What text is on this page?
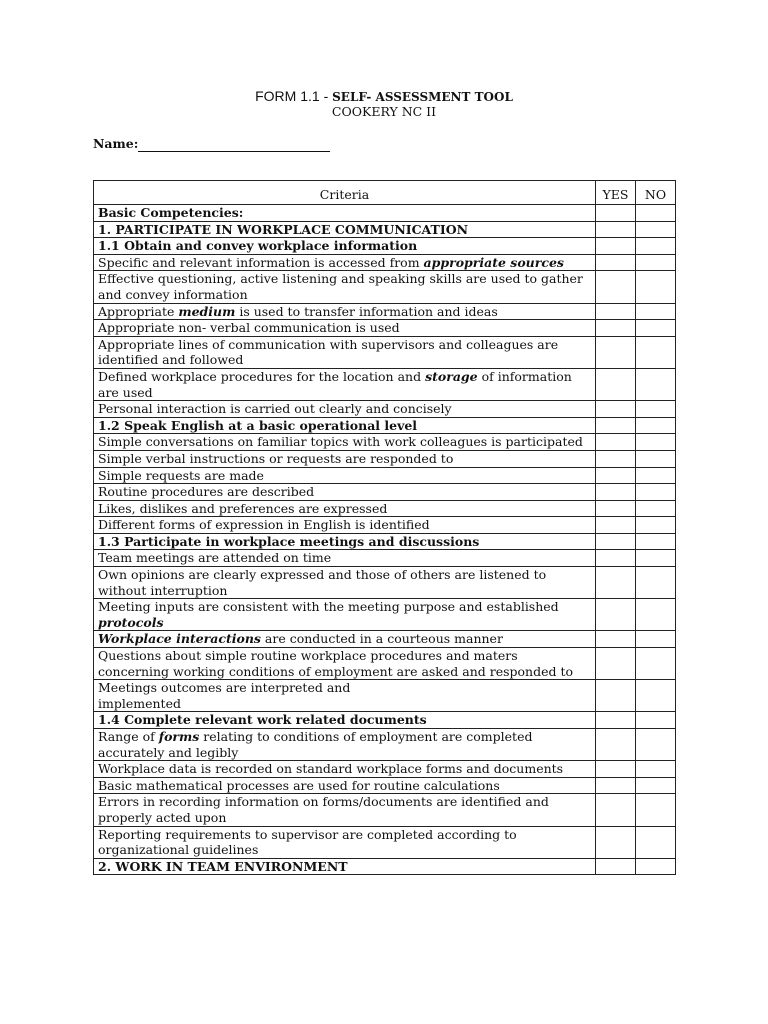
FORM 1.1 - SELF- ASSESSMENT TOOL
COOKERY NC II
Name:
Criteria	YES	NO
Basic Competencies:		
1. PARTICIPATE IN WORKPLACE COMMUNICATION		
1.1 Obtain and convey workplace information		
Specific and relevant information is accessed from appropriate sources		
Effective questioning, active listening and speaking skills are used to gather and convey information		
Appropriate medium is used to transfer information and ideas		
Appropriate non- verbal communication is used		
Appropriate lines of communication with supervisors and colleagues are identified and followed		
Defined workplace procedures for the location and storage of information are used		
Personal interaction is carried out clearly and concisely		
1.2 Speak English at a basic operational level		
Simple conversations on familiar topics with work colleagues is participated		
Simple verbal instructions or requests are responded to		
Simple requests are made		
Routine procedures are described		
Likes, dislikes and preferences are expressed		
Different forms of expression in English is identified		
1.3 Participate in workplace meetings and discussions		
Team meetings are attended on time		
Own opinions are clearly expressed and those of others are listened to without interruption		
Meeting inputs are consistent with the meeting purpose and established protocols		
Workplace interactions are conducted in a courteous manner		
Questions about simple routine workplace procedures and maters concerning working conditions of employment are asked and responded to		
Meetings outcomes are interpreted and
implemented		
1.4 Complete relevant work related documents		
Range of forms relating to conditions of employment are completed accurately and legibly		
Workplace data is recorded on standard workplace forms and documents		
Basic mathematical processes are used for routine calculations		
Errors in recording information on forms/documents are identified and properly acted upon		
Reporting requirements to supervisor are completed according to organizational guidelines		
2. WORK IN TEAM ENVIRONMENT		
